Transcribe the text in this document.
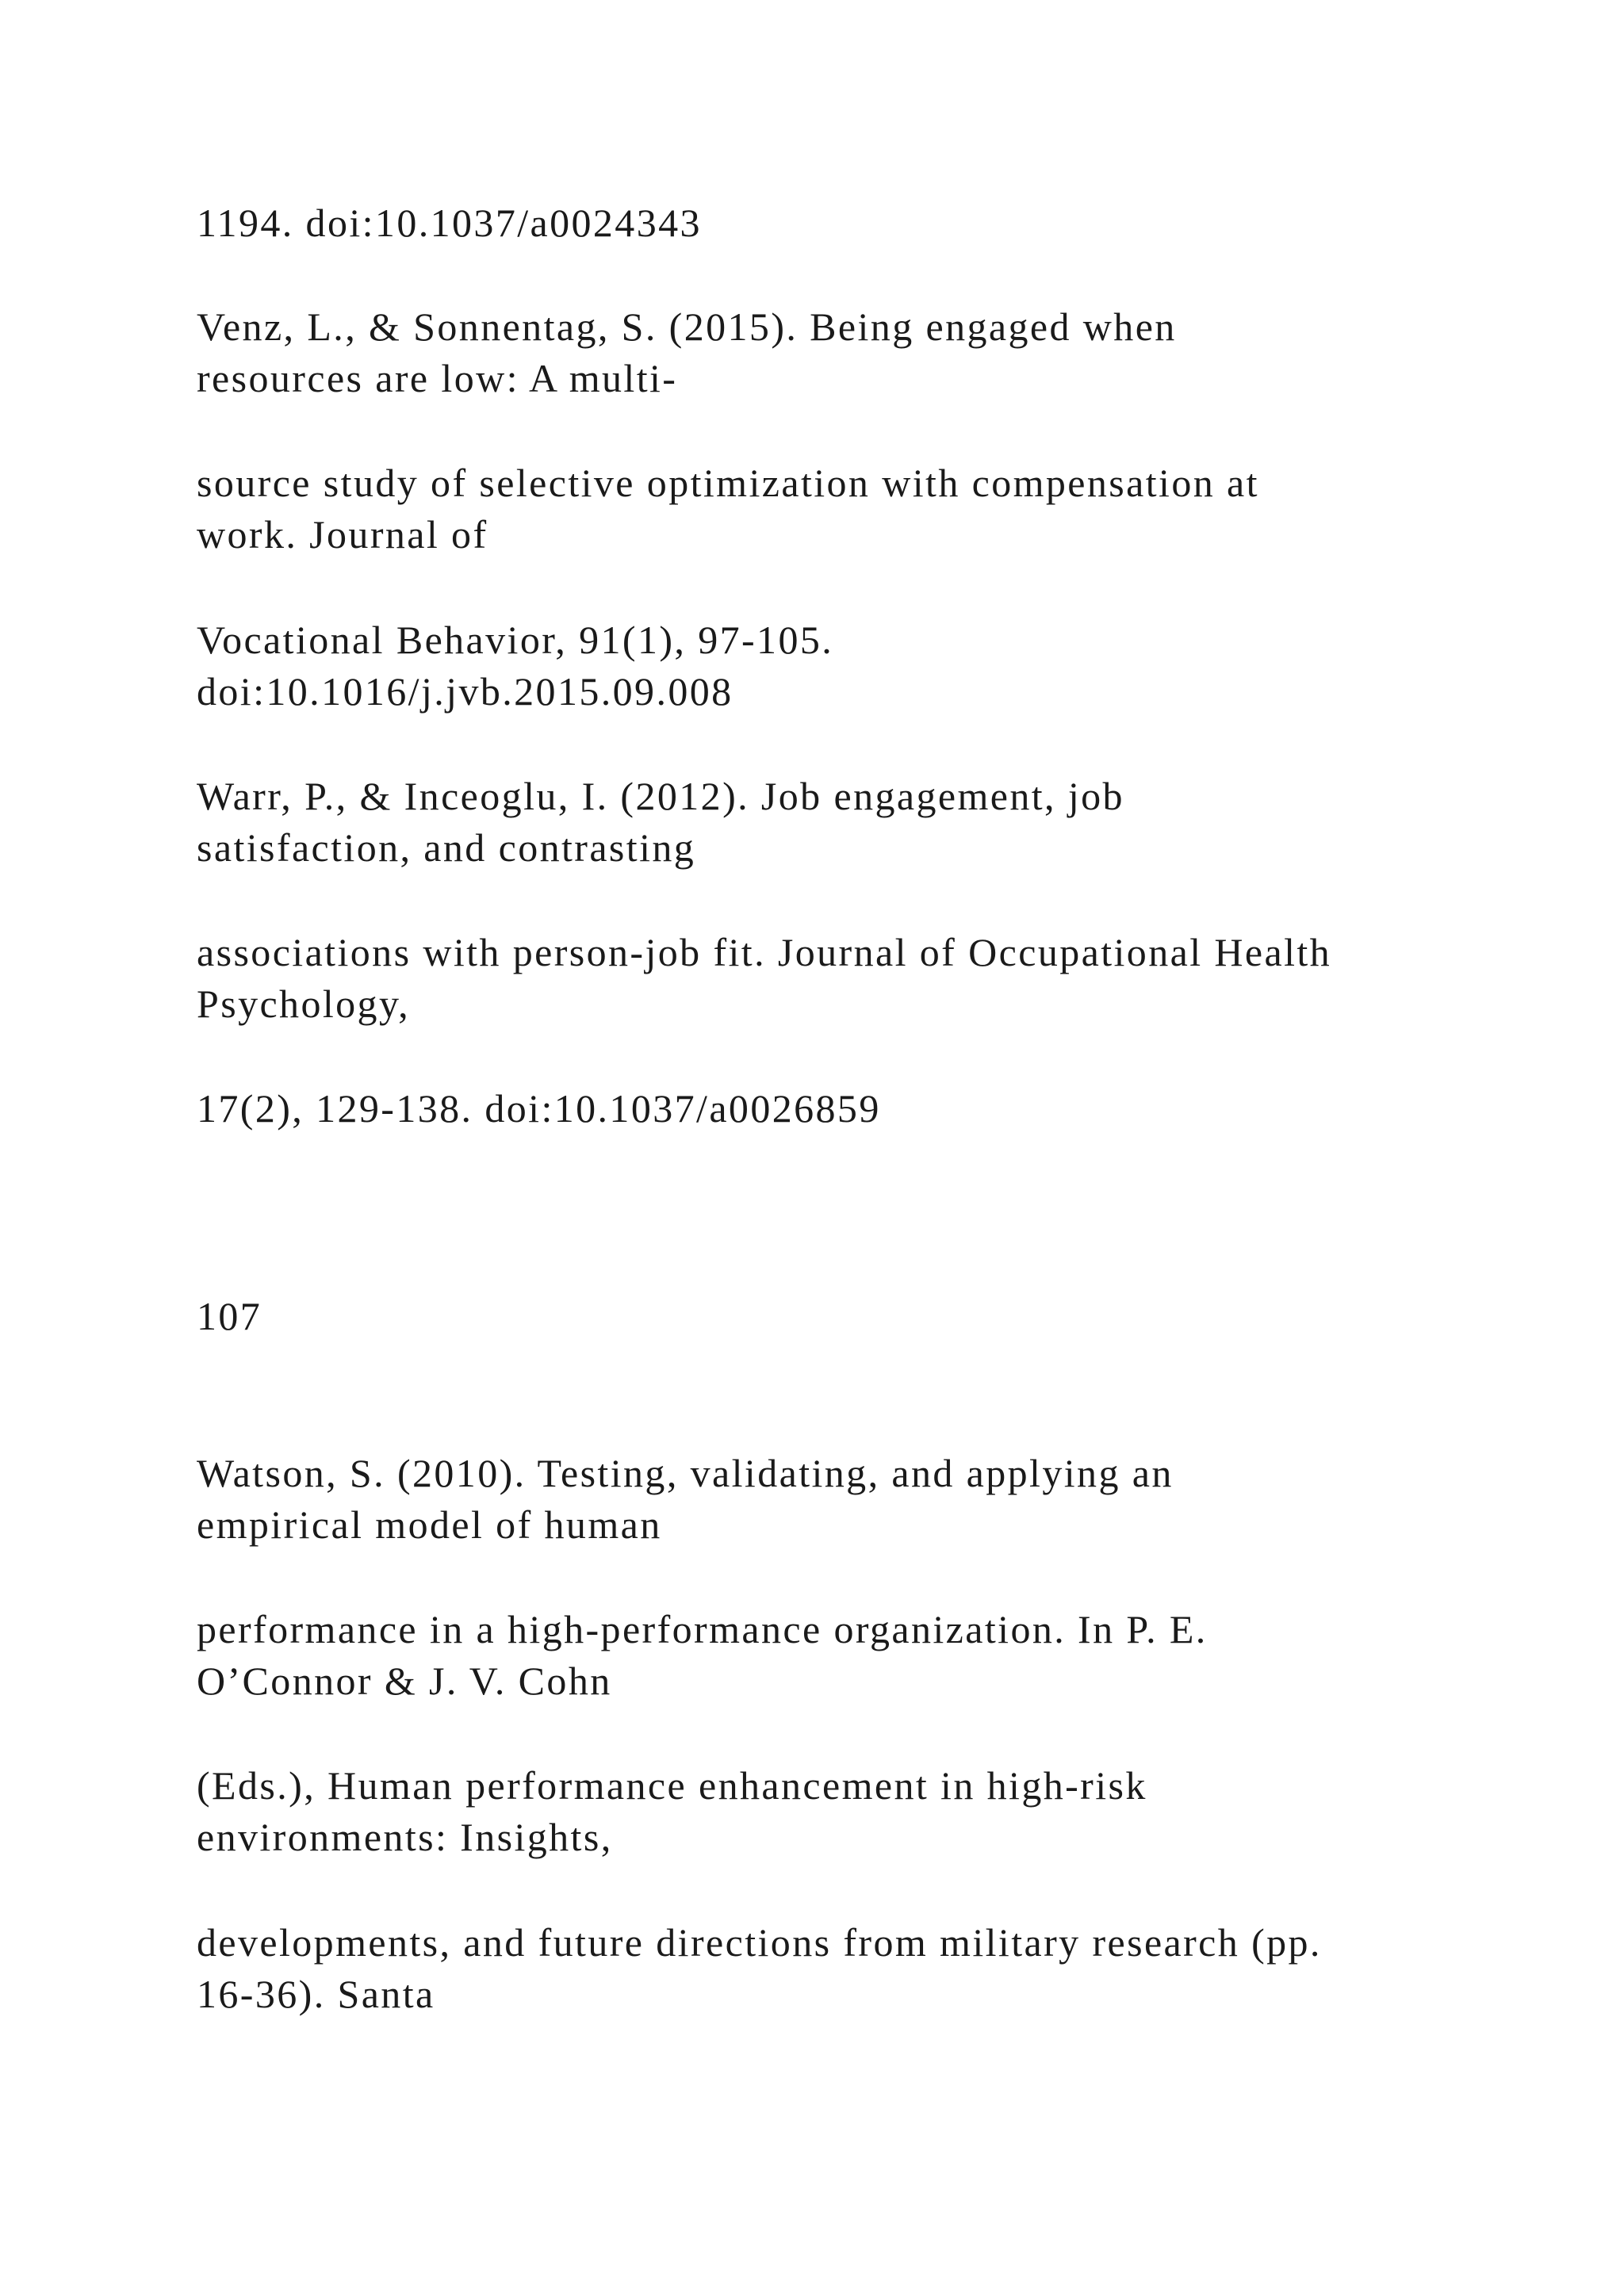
1194. doi:10.1037/a0024343

Venz, L., & Sonnentag, S. (2015). Being engaged when

resources are low: A multi-

source study of selective optimization with compensation at

work. Journal of

Vocational Behavior, 91(1), 97-105.

doi:10.1016/j.jvb.2015.09.008

Warr, P., & Inceoglu, I. (2012). Job engagement, job

satisfaction, and contrasting

associations with person-job fit. Journal of Occupational Health

Psychology,

17(2), 129-138. doi:10.1037/a0026859

107

Watson, S. (2010). Testing, validating, and applying an

empirical model of human

performance in a high-performance organization. In P. E.

O’Connor & J. V. Cohn

(Eds.), Human performance enhancement in high-risk

environments: Insights,

developments, and future directions from military research (pp.

16-36). Santa
